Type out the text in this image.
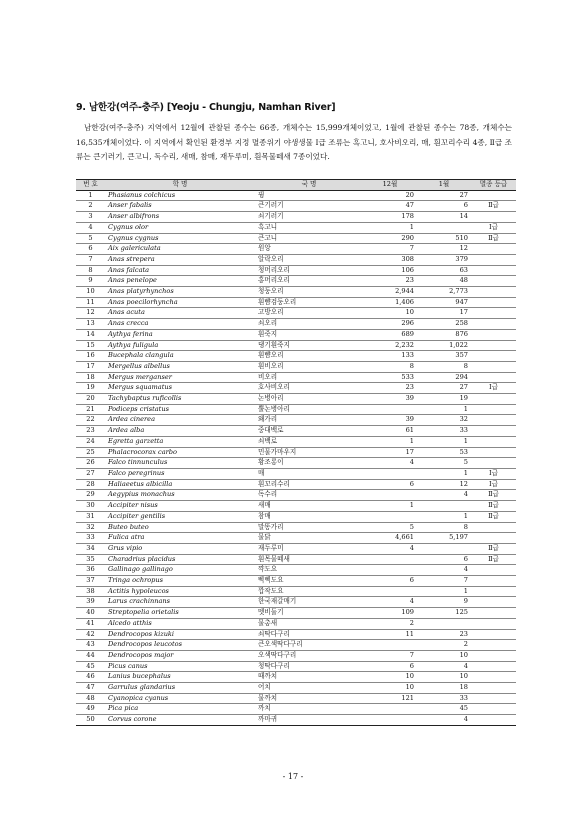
9. 남한강(여주-충주) [Yeoju - Chungju, Namhan River]

남한강(여주-충주) 지역에서 12월에 관찰된 종수는 66종, 개체수는 15,999개체이었고, 1월에 관찰된 종수는 78종, 개체수는 16,535개체이었다. 이 지역에서 확인된 환경부 지정 멸종위기 야생생물 Ⅰ급 조류는 흑고니, 호사비오리, 매, 흰꼬리수리 4종, Ⅱ급 조류는 큰기러기, 큰고니, 독수리, 새매, 참매, 재두루미, 흰목물떼새 7종이었다.

번 호	학 명	국 명	12월	1월	멸종 등급
1	Phasianus colchicus	꿩	20	27	
2	Anser fabalis	큰기러기	47	6	Ⅱ급
3	Anser albifrons	쇠기러기	178	14	
4	Cygnus olor	흑고니	1		Ⅰ급
5	Cygnus cygnus	큰고니	290	510	Ⅱ급
6	Aix galericulata	원앙	7	12	
7	Anas strepera	알락오리	308	379	
8	Anas falcata	청머리오리	106	63	
9	Anas penelope	홍머리오리	23	48	
10	Anas platyrhynchos	청둥오리	2,944	2,773	
11	Anas poecilorhyncha	흰뺨검둥오리	1,406	947	
12	Anas acuta	고방오리	10	17	
13	Anas crecca	쇠오리	296	258	
14	Aythya ferina	흰죽지	689	876	
15	Aythya fuligula	댕기흰죽지	2,232	1,022	
16	Bucephala clangula	흰뺨오리	133	357	
17	Mergellus albellus	흰비오리	8	8	
18	Mergus merganser	비오리	533	294	
19	Mergus squamatus	호사비오리	23	27	Ⅰ급
20	Tachybaptus ruficollis	논병아리	39	19	
21	Podiceps cristatus	뿔논병아리		1	
22	Ardea cinerea	왜가리	39	32	
23	Ardea alba	중대백로	61	33	
24	Egretta garzetta	쇠백로	1	1	
25	Phalacrocorax carbo	민물가마우지	17	53	
26	Falco tinnunculus	황조롱이	4	5	
27	Falco peregrinus	매		1	Ⅰ급
28	Haliaeetus albicilla	흰꼬리수리	6	12	Ⅰ급
29	Aegypius monachus	독수리		4	Ⅱ급
30	Accipiter nisus	새매	1		Ⅱ급
31	Accipiter gentilis	참매		1	Ⅱ급
32	Buteo buteo	말똥가리	5	8	
33	Fulica atra	물닭	4,661	5,197	
34	Grus vipio	재두루미	4		Ⅱ급
35	Charadrius placidus	흰목물떼새		6	Ⅱ급
36	Gallinago gallinago	꺅도요		4	
37	Tringa ochropus	삑삑도요	6	7	
38	Actitis hypoleucos	깝작도요		1	
39	Larus crachinnans	한국재갈매기	4	9	
40	Streptopelia orietalis	멧비둘기	109	125	
41	Alcedo atthis	물총새	2		
42	Dendrocopos kizuki	쇠딱다구리	11	23	
43	Dendrocopos leucotos	큰오색딱다구리		2	
44	Dendrocopos major	오색딱다구리	7	10	
45	Picus canus	청딱다구리	6	4	
46	Lanius bucephalus	때까치	10	10	
47	Garrulus glandarius	어치	10	18	
48	Cyanopica cyanus	물까치	121	33	
49	Pica pica	까치		45	
50	Corvus corone	까마귀		4	
- 17 -
